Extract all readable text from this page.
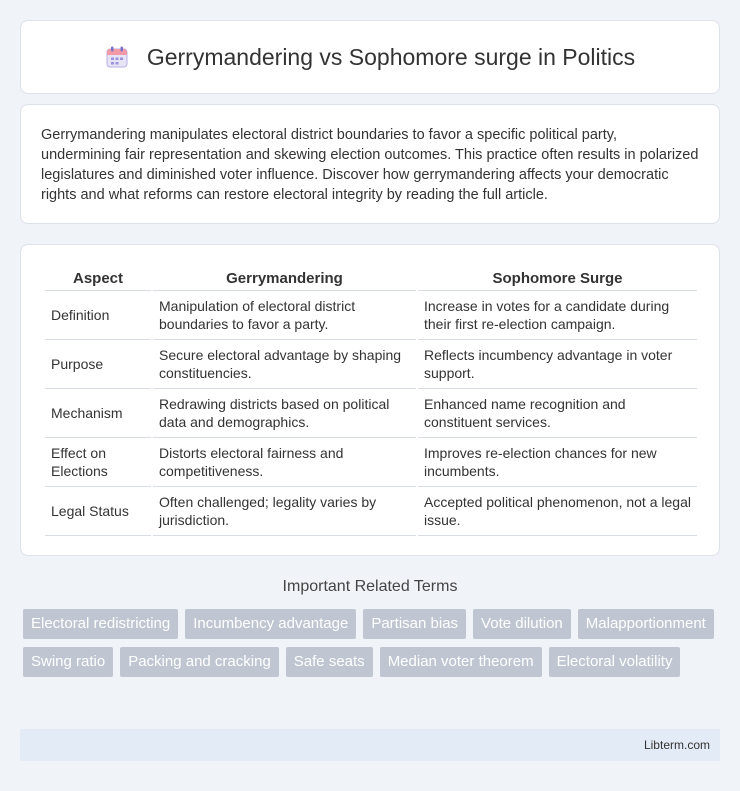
Gerrymandering vs Sophomore surge in Politics

Gerrymandering manipulates electoral district boundaries to favor a specific political party, undermining fair representation and skewing election outcomes. This practice often results in polarized legislatures and diminished voter influence. Discover how gerrymandering affects your democratic rights and what reforms can restore electoral integrity by reading the full article.

Aspect	Gerrymandering	Sophomore Surge
Definition	Manipulation of electoral district boundaries to favor a party.	Increase in votes for a candidate during their first re-election campaign.
Purpose	Secure electoral advantage by shaping constituencies.	Reflects incumbency advantage in voter support.
Mechanism	Redrawing districts based on political data and demographics.	Enhanced name recognition and constituent services.
Effect on Elections	Distorts electoral fairness and competitiveness.	Improves re-election chances for new incumbents.
Legal Status	Often challenged; legality varies by jurisdiction.	Accepted political phenomenon, not a legal issue.
Important Related Terms
Electoral redistricting	Incumbency advantage	Partisan bias	Vote dilution	Malapportionment
Swing ratio	Packing and cracking	Safe seats	Median voter theorem	Electoral volatility
Libterm.com
